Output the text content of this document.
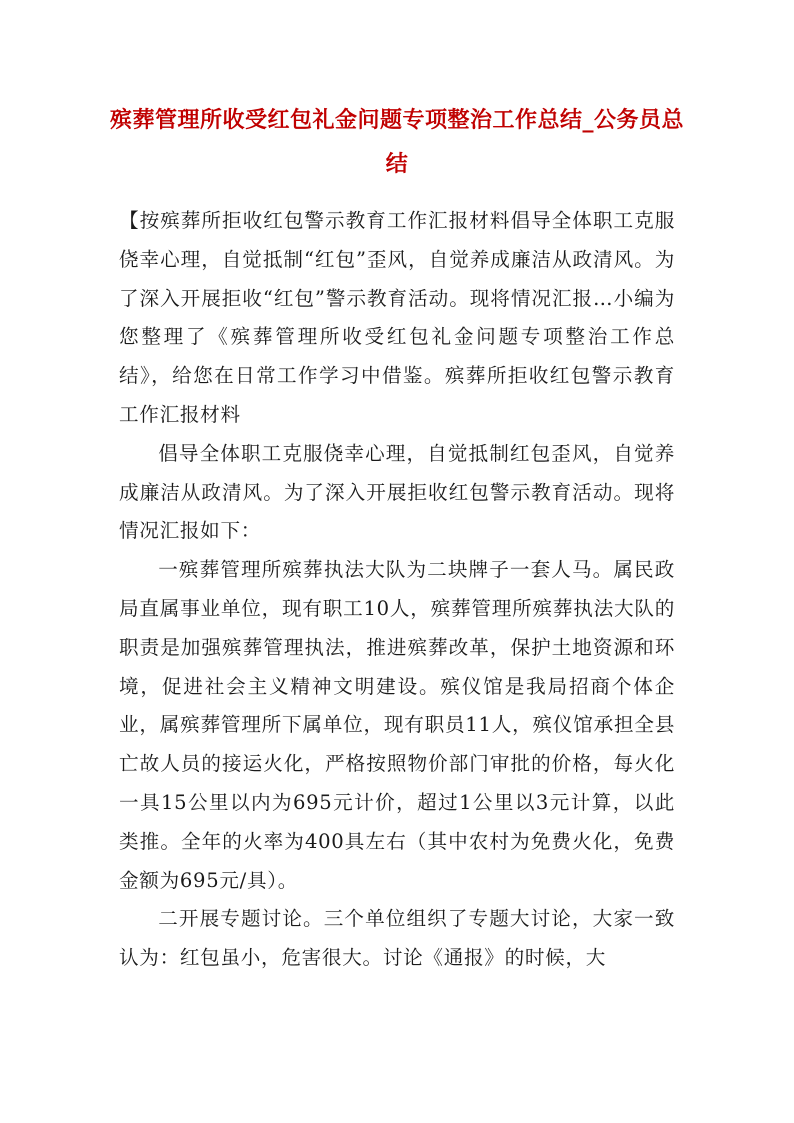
殡葬管理所收受红包礼金问题专项整治工作总结_公务员总结

【按殡葬所拒收红包警示教育工作汇报材料倡导全体职工克服侥幸心理，自觉抵制“红包”歪风，自觉养成廉洁从政清风。为了深入开展拒收“红包”警示教育活动。现将情况汇报…小编为您整理了《殡葬管理所收受红包礼金问题专项整治工作总结》，给您在日常工作学习中借鉴。殡葬所拒收红包警示教育工作汇报材料

倡导全体职工克服侥幸心理，自觉抵制红包歪风，自觉养成廉洁从政清风。为了深入开展拒收红包警示教育活动。现将情况汇报如下：

一殡葬管理所殡葬执法大队为二块牌子一套人马。属民政局直属事业单位，现有职工10人，殡葬管理所殡葬执法大队的职责是加强殡葬管理执法，推进殡葬改革，保护土地资源和环境，促进社会主义精神文明建设。殡仪馆是我局招商个体企业，属殡葬管理所下属单位，现有职员11人，殡仪馆承担全县亡故人员的接运火化，严格按照物价部门审批的价格，每火化一具15公里以内为695元计价，超过1公里以3元计算，以此类推。全年的火率为400具左右（其中农村为免费火化，免费金额为695元/具）。

二开展专题讨论。三个单位组织了专题大讨论，大家一致认为：红包虽小，危害很大。讨论《通报》的时候，大
